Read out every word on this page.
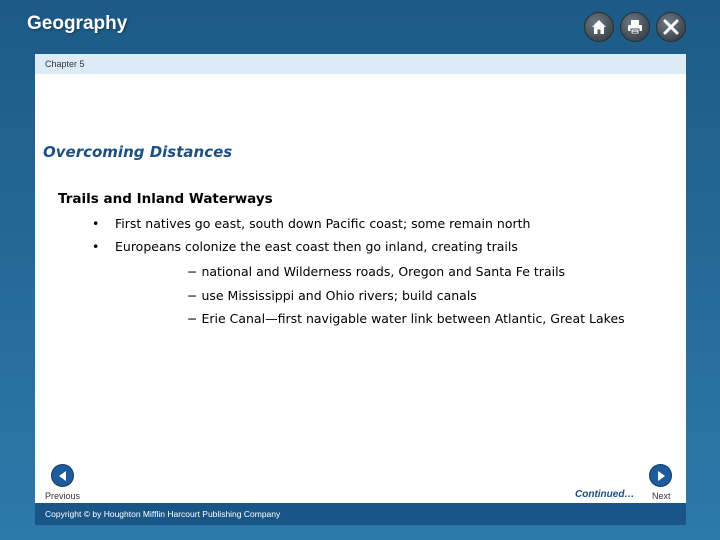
Geography
Chapter 5
Overcoming Distances
Trails and Inland Waterways
• First natives go east, south down Pacific coast; some remain north
• Europeans colonize the east coast then go inland, creating trails
− national and Wilderness roads, Oregon and Santa Fe trails
− use Mississippi and Ohio rivers; build canals
− Erie Canal—first navigable water link between Atlantic, Great Lakes
Previous	Continued… Next
Copyright © by Houghton Mifflin Harcourt Publishing Company
